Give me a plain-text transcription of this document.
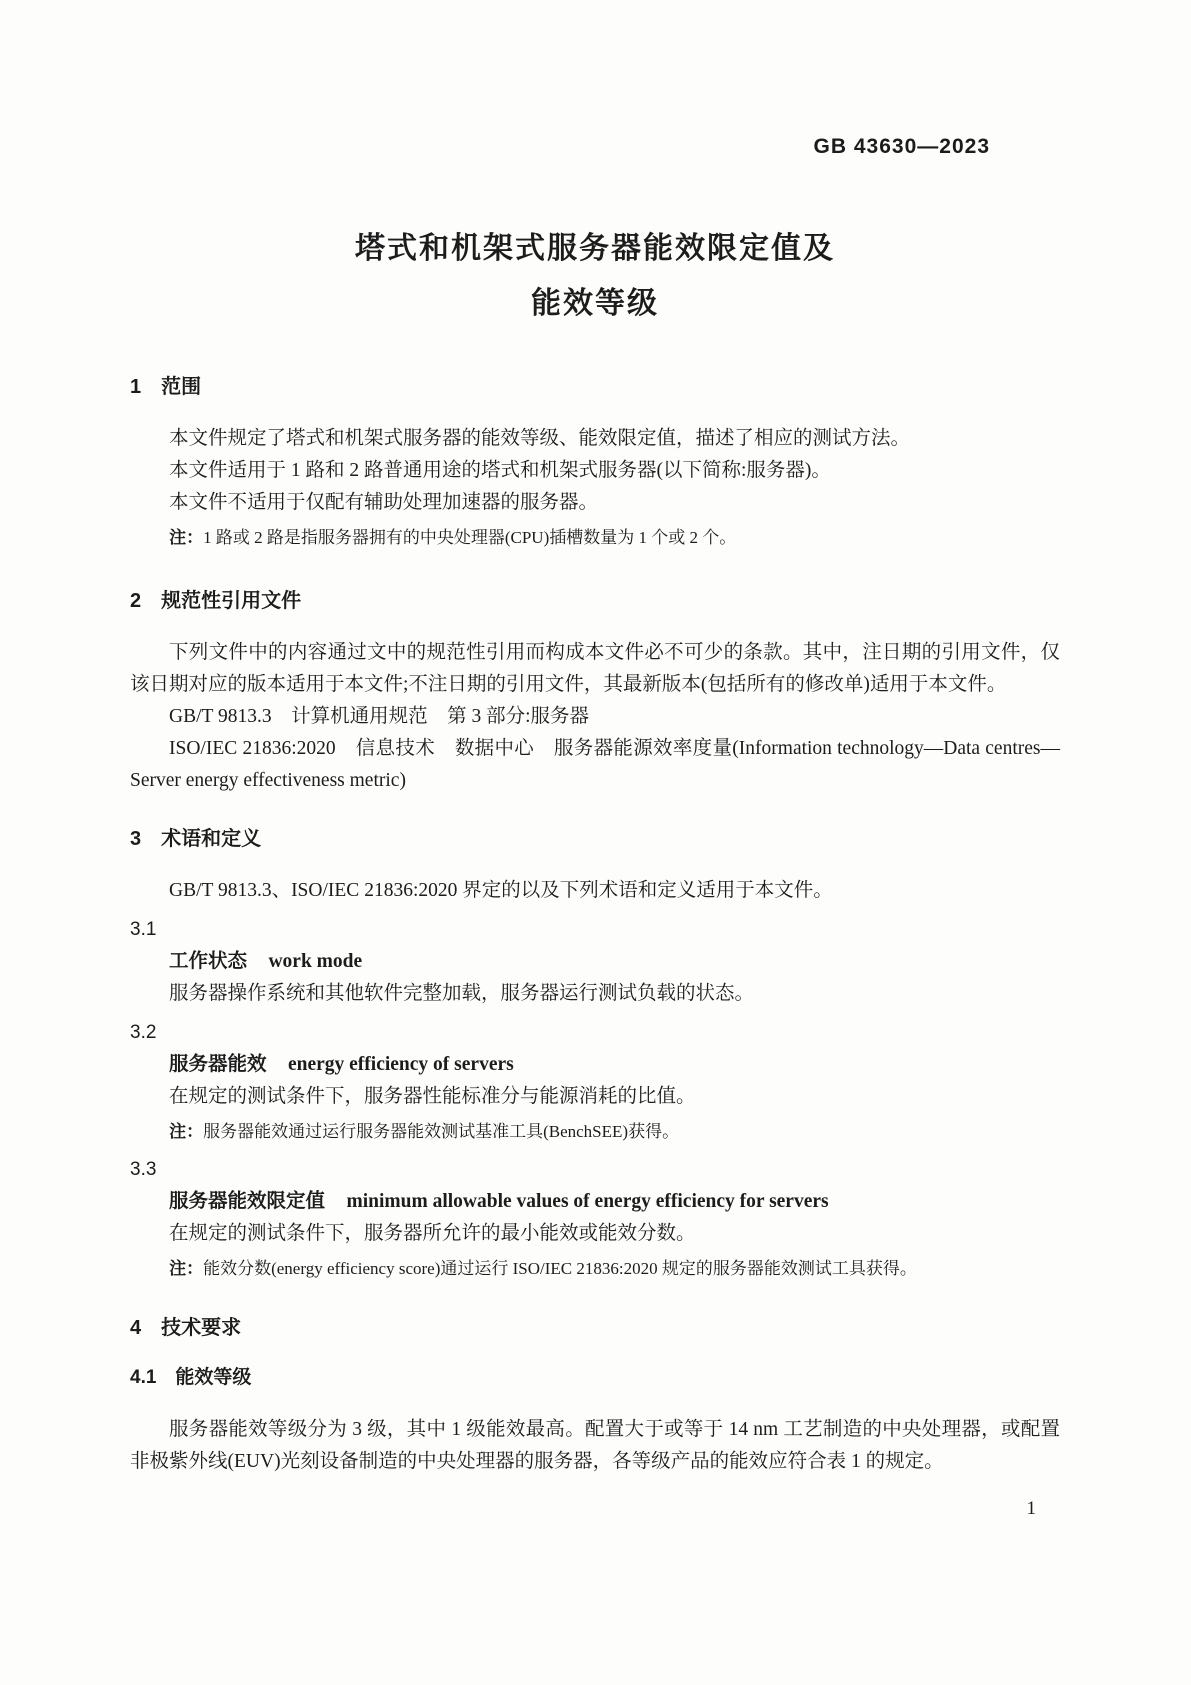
GB 43630—2023
塔式和机架式服务器能效限定值及
能效等级
1　范围

本文件规定了塔式和机架式服务器的能效等级、能效限定值，描述了相应的测试方法。

本文件适用于 1 路和 2 路普通用途的塔式和机架式服务器(以下简称:服务器)。

本文件不适用于仅配有辅助处理加速器的服务器。

注：1 路或 2 路是指服务器拥有的中央处理器(CPU)插槽数量为 1 个或 2 个。

2　规范性引用文件

下列文件中的内容通过文中的规范性引用而构成本文件必不可少的条款。其中，注日期的引用文件，仅该日期对应的版本适用于本文件;不注日期的引用文件，其最新版本(包括所有的修改单)适用于本文件。

GB/T 9813.3　计算机通用规范　第 3 部分:服务器

ISO/IEC 21836:2020　信息技术　数据中心　服务器能源效率度量(Information technology—Data centres—Server energy effectiveness metric)

3　术语和定义

GB/T 9813.3、ISO/IEC 21836:2020 界定的以及下列术语和定义适用于本文件。

3.1
工作状态 work mode

服务器操作系统和其他软件完整加载，服务器运行测试负载的状态。

3.2
服务器能效 energy efficiency of servers

在规定的测试条件下，服务器性能标准分与能源消耗的比值。

注：服务器能效通过运行服务器能效测试基准工具(BenchSEE)获得。

3.3
服务器能效限定值 minimum allowable values of energy efficiency for servers

在规定的测试条件下，服务器所允许的最小能效或能效分数。

注：能效分数(energy efficiency score)通过运行 ISO/IEC 21836:2020 规定的服务器能效测试工具获得。

4　技术要求
4.1　能效等级

服务器能效等级分为 3 级，其中 1 级能效最高。配置大于或等于 14 nm 工艺制造的中央处理器，或配置非极紫外线(EUV)光刻设备制造的中央处理器的服务器，各等级产品的能效应符合表 1 的规定。

1
